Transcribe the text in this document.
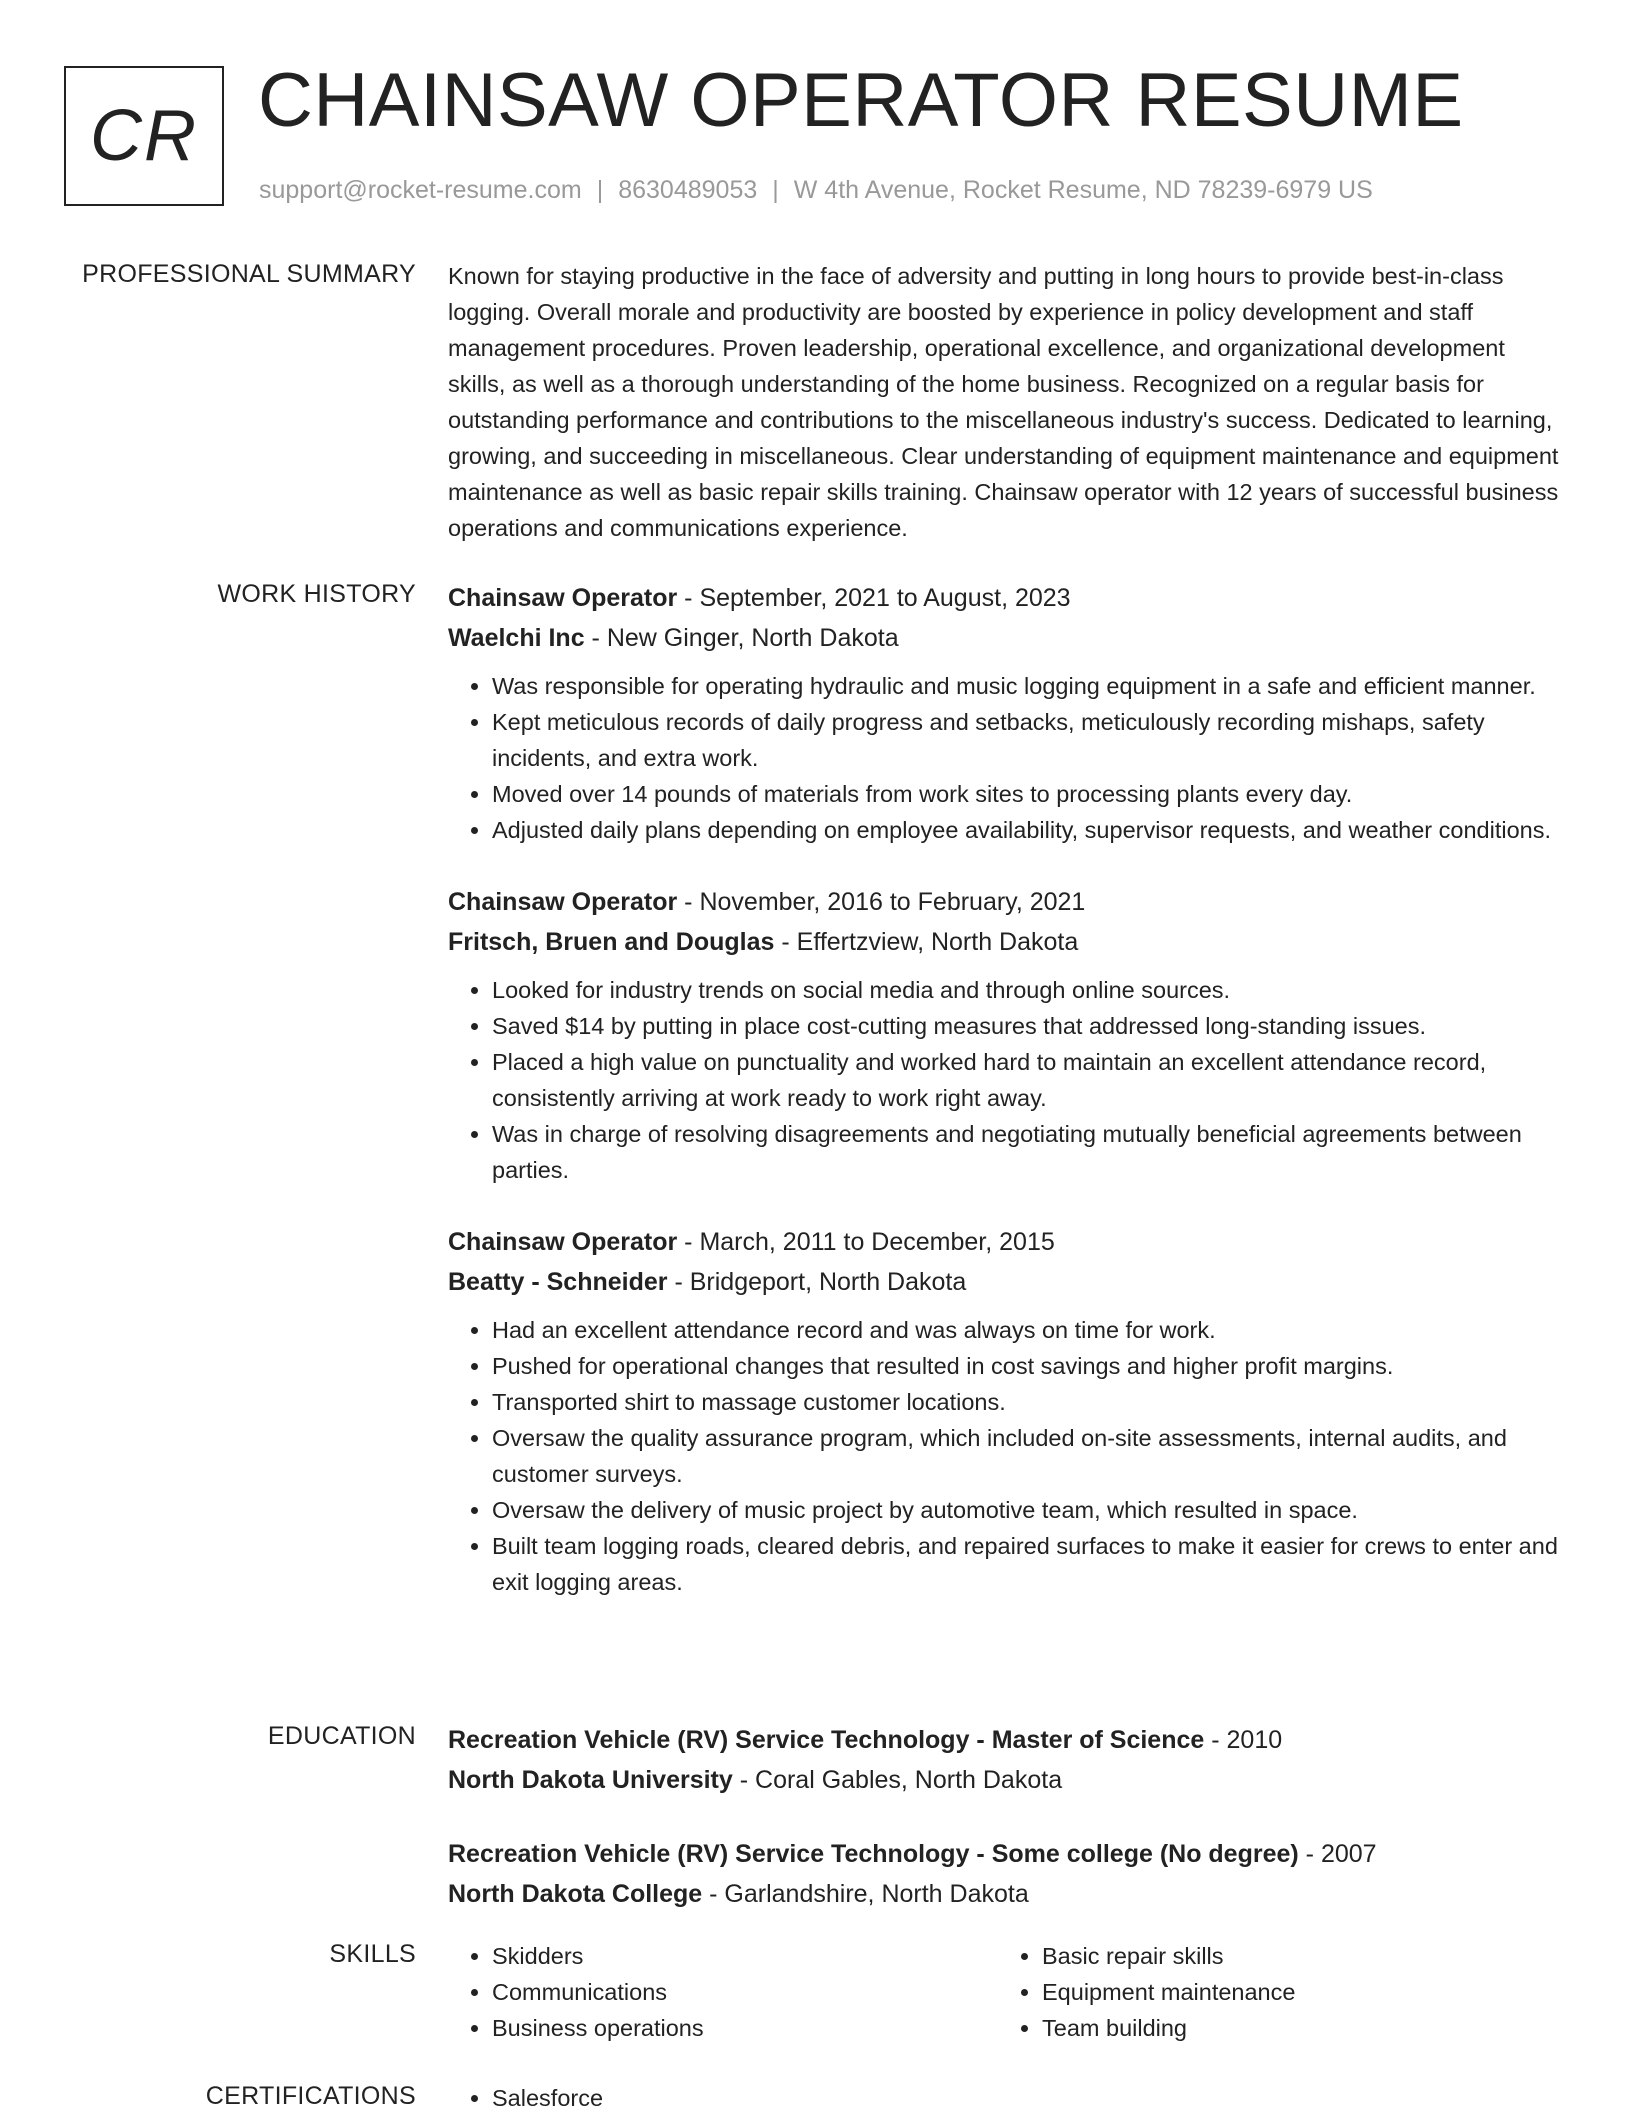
CR CHAINSAW OPERATOR RESUME
support@rocket-resume.com | 8630489053 | W 4th Avenue, Rocket Resume, ND 78239-6979 US
PROFESSIONAL SUMMARY Known for staying productive in the face of adversity and putting in long hours to provide best-in-class logging. Overall morale and productivity are boosted by experience in policy development and staff management procedures. Proven leadership, operational excellence, and organizational development skills, as well as a thorough understanding of the home business. Recognized on a regular basis for outstanding performance and contributions to the miscellaneous industry's success. Dedicated to learning, growing, and succeeding in miscellaneous. Clear understanding of equipment maintenance and equipment maintenance as well as basic repair skills training. Chainsaw operator with 12 years of successful business operations and communications experience.

WORK HISTORY Chainsaw Operator - September, 2021 to August, 2023
Waelchi Inc - New Ginger, North Dakota
• Was responsible for operating hydraulic and music logging equipment in a safe and efficient manner.
• Kept meticulous records of daily progress and setbacks, meticulously recording mishaps, safety incidents, and extra work.
• Moved over 14 pounds of materials from work sites to processing plants every day.
• Adjusted daily plans depending on employee availability, supervisor requests, and weather conditions.
Chainsaw Operator - November, 2016 to February, 2021
Fritsch, Bruen and Douglas - Effertzview, North Dakota
• Looked for industry trends on social media and through online sources.
• Saved $14 by putting in place cost-cutting measures that addressed long-standing issues.
• Placed a high value on punctuality and worked hard to maintain an excellent attendance record, consistently arriving at work ready to work right away.
• Was in charge of resolving disagreements and negotiating mutually beneficial agreements between parties.
Chainsaw Operator - March, 2011 to December, 2015
Beatty - Schneider - Bridgeport, North Dakota
• Had an excellent attendance record and was always on time for work.
• Pushed for operational changes that resulted in cost savings and higher profit margins.
• Transported shirt to massage customer locations.
• Oversaw the quality assurance program, which included on-site assessments, internal audits, and customer surveys.
• Oversaw the delivery of music project by automotive team, which resulted in space.
• Built team logging roads, cleared debris, and repaired surfaces to make it easier for crews to enter and exit logging areas.
EDUCATION Recreation Vehicle (RV) Service Technology - Master of Science - 2010
North Dakota University - Coral Gables, North Dakota
Recreation Vehicle (RV) Service Technology - Some college (No degree) - 2007
North Dakota College - Garlandshire, North Dakota
SKILLS	• Skidders
• Communications
• Business operations
• Basic repair skills
• Equipment maintenance
• Team building
CERTIFICATIONS	• Salesforce
